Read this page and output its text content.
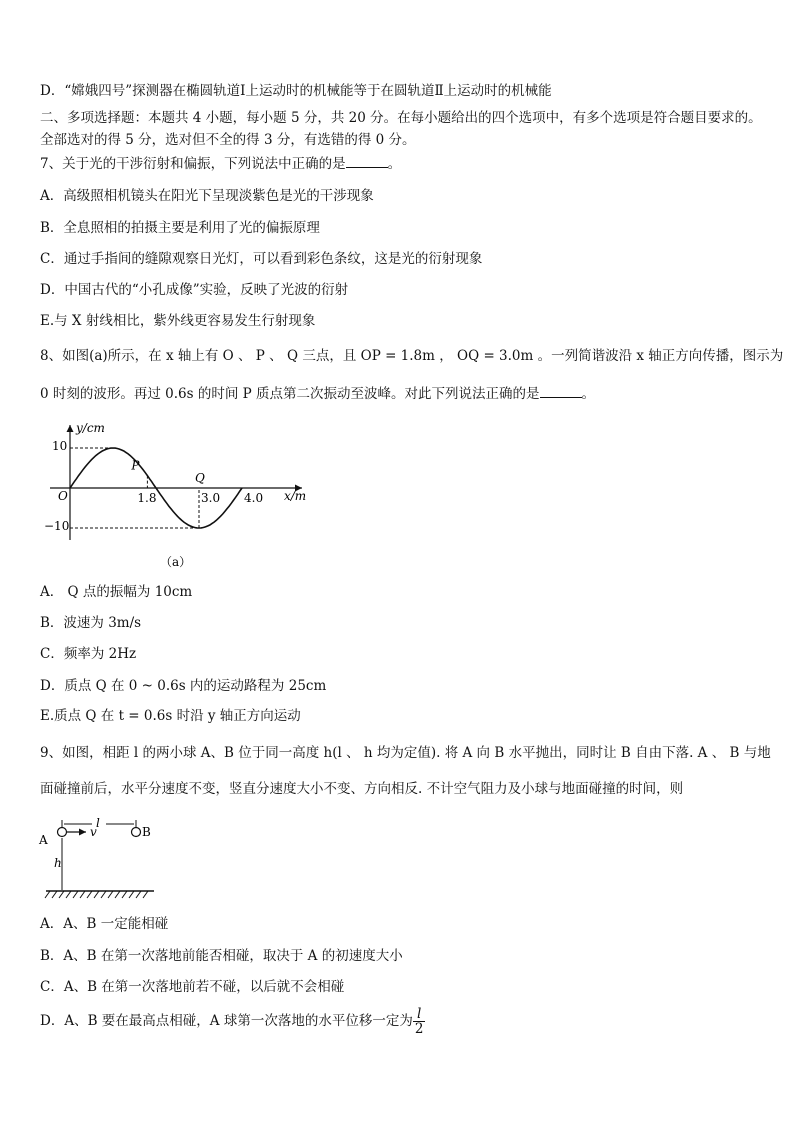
D．“嫦娥四号”探测器在椭圆轨道Ⅰ上运动时的机械能等于在圆轨道Ⅱ上运动时的机械能
二、多项选择题：本题共 4 小题，每小题 5 分，共 20 分。在每小题给出的四个选项中，有多个选项是符合题目要求的。
全部选对的得 5 分，选对但不全的得 3 分，有选错的得 0 分。
7、关于光的干涉衍射和偏振，下列说法中正确的是	。
A．高级照相机镜头在阳光下呈现淡紫色是光的干涉现象
B．全息照相的拍摄主要是利用了光的偏振原理
C．通过手指间的缝隙观察日光灯，可以看到彩色条纹，这是光的衍射现象
D．中国古代的“小孔成像”实验，反映了光波的衍射
E.与 X 射线相比，紫外线更容易发生行射现象
8、如图(a)所示，在 x 轴上有 O 、 P 、 Q 三点，且 OP = 1.8m ， OQ = 3.0m 。一列简谐波沿 x 轴正方向传播，图示为
0 时刻的波形。再过 0.6s 的时间 P 质点第二次振动至波峰。对此下列说法正确的是	。
y/cm
x/m
O
10
−10
P
Q
1.8	3.0 4.0
（a）
A． Q 点的振幅为 10cm
B．波速为 3m/s
C．频率为 2Hz
D．质点 Q 在 0 ~ 0.6s 内的运动路程为 25cm
E.质点 Q 在 t = 0.6s 时沿 y 轴正方向运动
9、如图，相距 l 的两小球 A、B 位于同一高度 h(l 、 h 均为定值). 将 A 向 B 水平抛出，同时让 B 自由下落. A 、 B 与地
面碰撞前后，水平分速度不变，竖直分速度大小不变、方向相反. 不计空气阻力及小球与地面碰撞的时间，则
l
v
A
B
h
A．A、B 一定能相碰
B．A、B 在第一次落地前能否相碰，取决于 A 的初速度大小
C．A、B 在第一次落地前若不碰，以后就不会相碰
D．A、B 要在最高点相碰，A 球第一次落地的水平位移一定为 $\frac{l}{2}$
